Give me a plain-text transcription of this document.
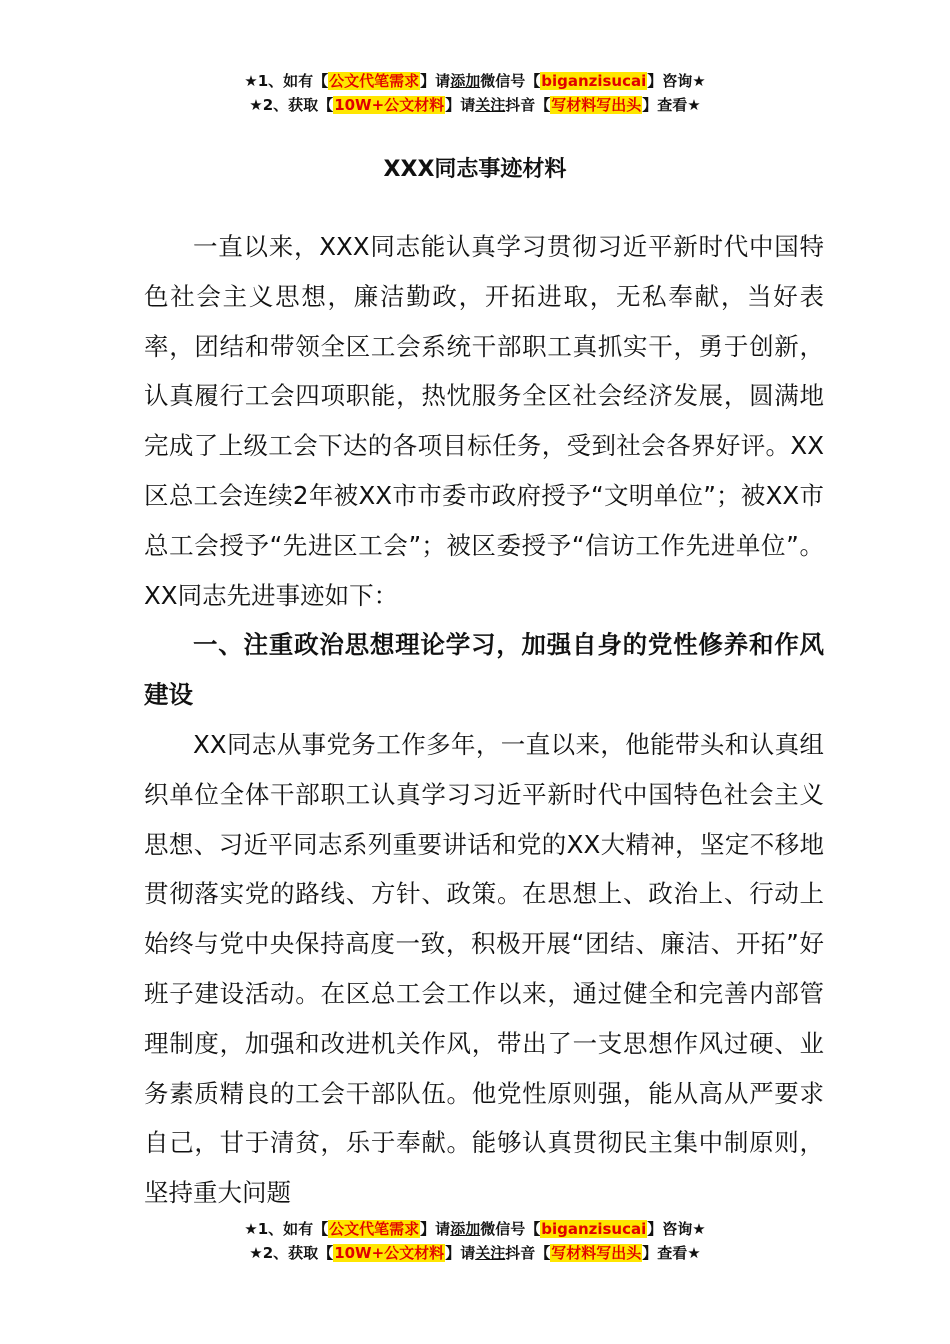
★1、如有【公文代笔需求】请添加微信号【biganzisucai】咨询★
★2、获取【10W+公文材料】请关注抖音【写材料写出头】查看★
XXX同志事迹材料

一直以来，XXX同志能认真学习贯彻习近平新时代中国特色社会主义思想，廉洁勤政，开拓进取，无私奉献，当好表率，团结和带领全区工会系统干部职工真抓实干，勇于创新，认真履行工会四项职能，热忱服务全区社会经济发展，圆满地完成了上级工会下达的各项目标任务，受到社会各界好评。XX区总工会连续2年被XX市市委市政府授予“文明单位”；被XX市总工会授予“先进区工会”；被区委授予“信访工作先进单位”。XX同志先进事迹如下：

一、注重政治思想理论学习，加强自身的党性修养和作风建设

XX同志从事党务工作多年，一直以来，他能带头和认真组织单位全体干部职工认真学习习近平新时代中国特色社会主义思想、习近平同志系列重要讲话和党的XX大精神，坚定不移地贯彻落实党的路线、方针、政策。在思想上、政治上、行动上始终与党中央保持高度一致，积极开展“团结、廉洁、开拓”好班子建设活动。在区总工会工作以来，通过健全和完善内部管理制度，加强和改进机关作风，带出了一支思想作风过硬、业务素质精良的工会干部队伍。他党性原则强，能从高从严要求自己，甘于清贫，乐于奉献。能够认真贯彻民主集中制原则，坚持重大问题

★1、如有【公文代笔需求】请添加微信号【biganzisucai】咨询★
★2、获取【10W+公文材料】请关注抖音【写材料写出头】查看★
